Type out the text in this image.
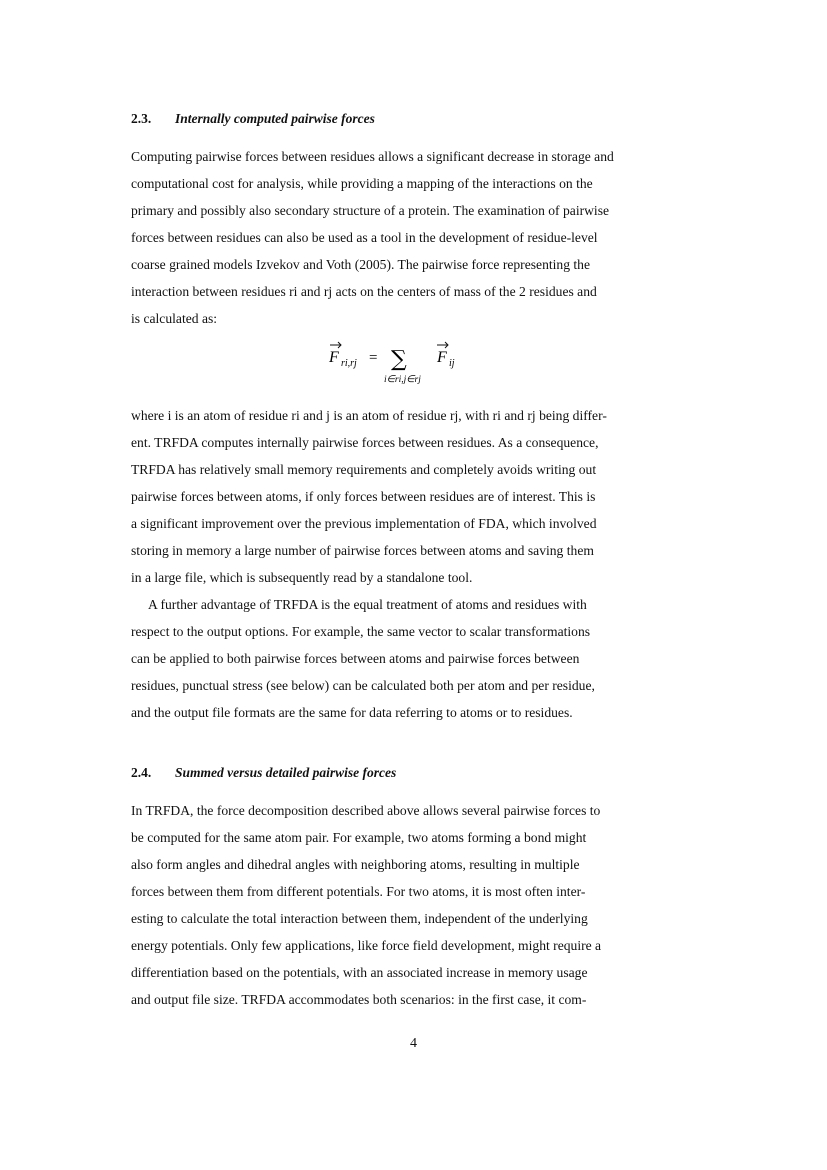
2.3. Internally computed pairwise forces

Computing pairwise forces between residues allows a significant decrease in storage and
computational cost for analysis, while providing a mapping of the interactions on the
primary and possibly also secondary structure of a protein. The examination of pairwise
forces between residues can also be used as a tool in the development of residue-level
coarse grained models Izvekov and Voth (2005). The pairwise force representing the
interaction between residues ri and rj acts on the centers of mass of the 2 residues and
is calculated as:

F ri,rj = ∑
i∈ri,j∈rj
F ij

where i is an atom of residue ri and j is an atom of residue rj, with ri and rj being differ-
ent. TRFDA computes internally pairwise forces between residues. As a consequence,
TRFDA has relatively small memory requirements and completely avoids writing out
pairwise forces between atoms, if only forces between residues are of interest. This is
a significant improvement over the previous implementation of FDA, which involved
storing in memory a large number of pairwise forces between atoms and saving them
in a large file, which is subsequently read by a standalone tool.

A further advantage of TRFDA is the equal treatment of atoms and residues with
respect to the output options. For example, the same vector to scalar transformations
can be applied to both pairwise forces between atoms and pairwise forces between
residues, punctual stress (see below) can be calculated both per atom and per residue,
and the output file formats are the same for data referring to atoms or to residues.

2.4. Summed versus detailed pairwise forces

In TRFDA, the force decomposition described above allows several pairwise forces to
be computed for the same atom pair. For example, two atoms forming a bond might
also form angles and dihedral angles with neighboring atoms, resulting in multiple
forces between them from different potentials. For two atoms, it is most often inter-
esting to calculate the total interaction between them, independent of the underlying
energy potentials. Only few applications, like force field development, might require a
differentiation based on the potentials, with an associated increase in memory usage
and output file size. TRFDA accommodates both scenarios: in the first case, it com-

4
